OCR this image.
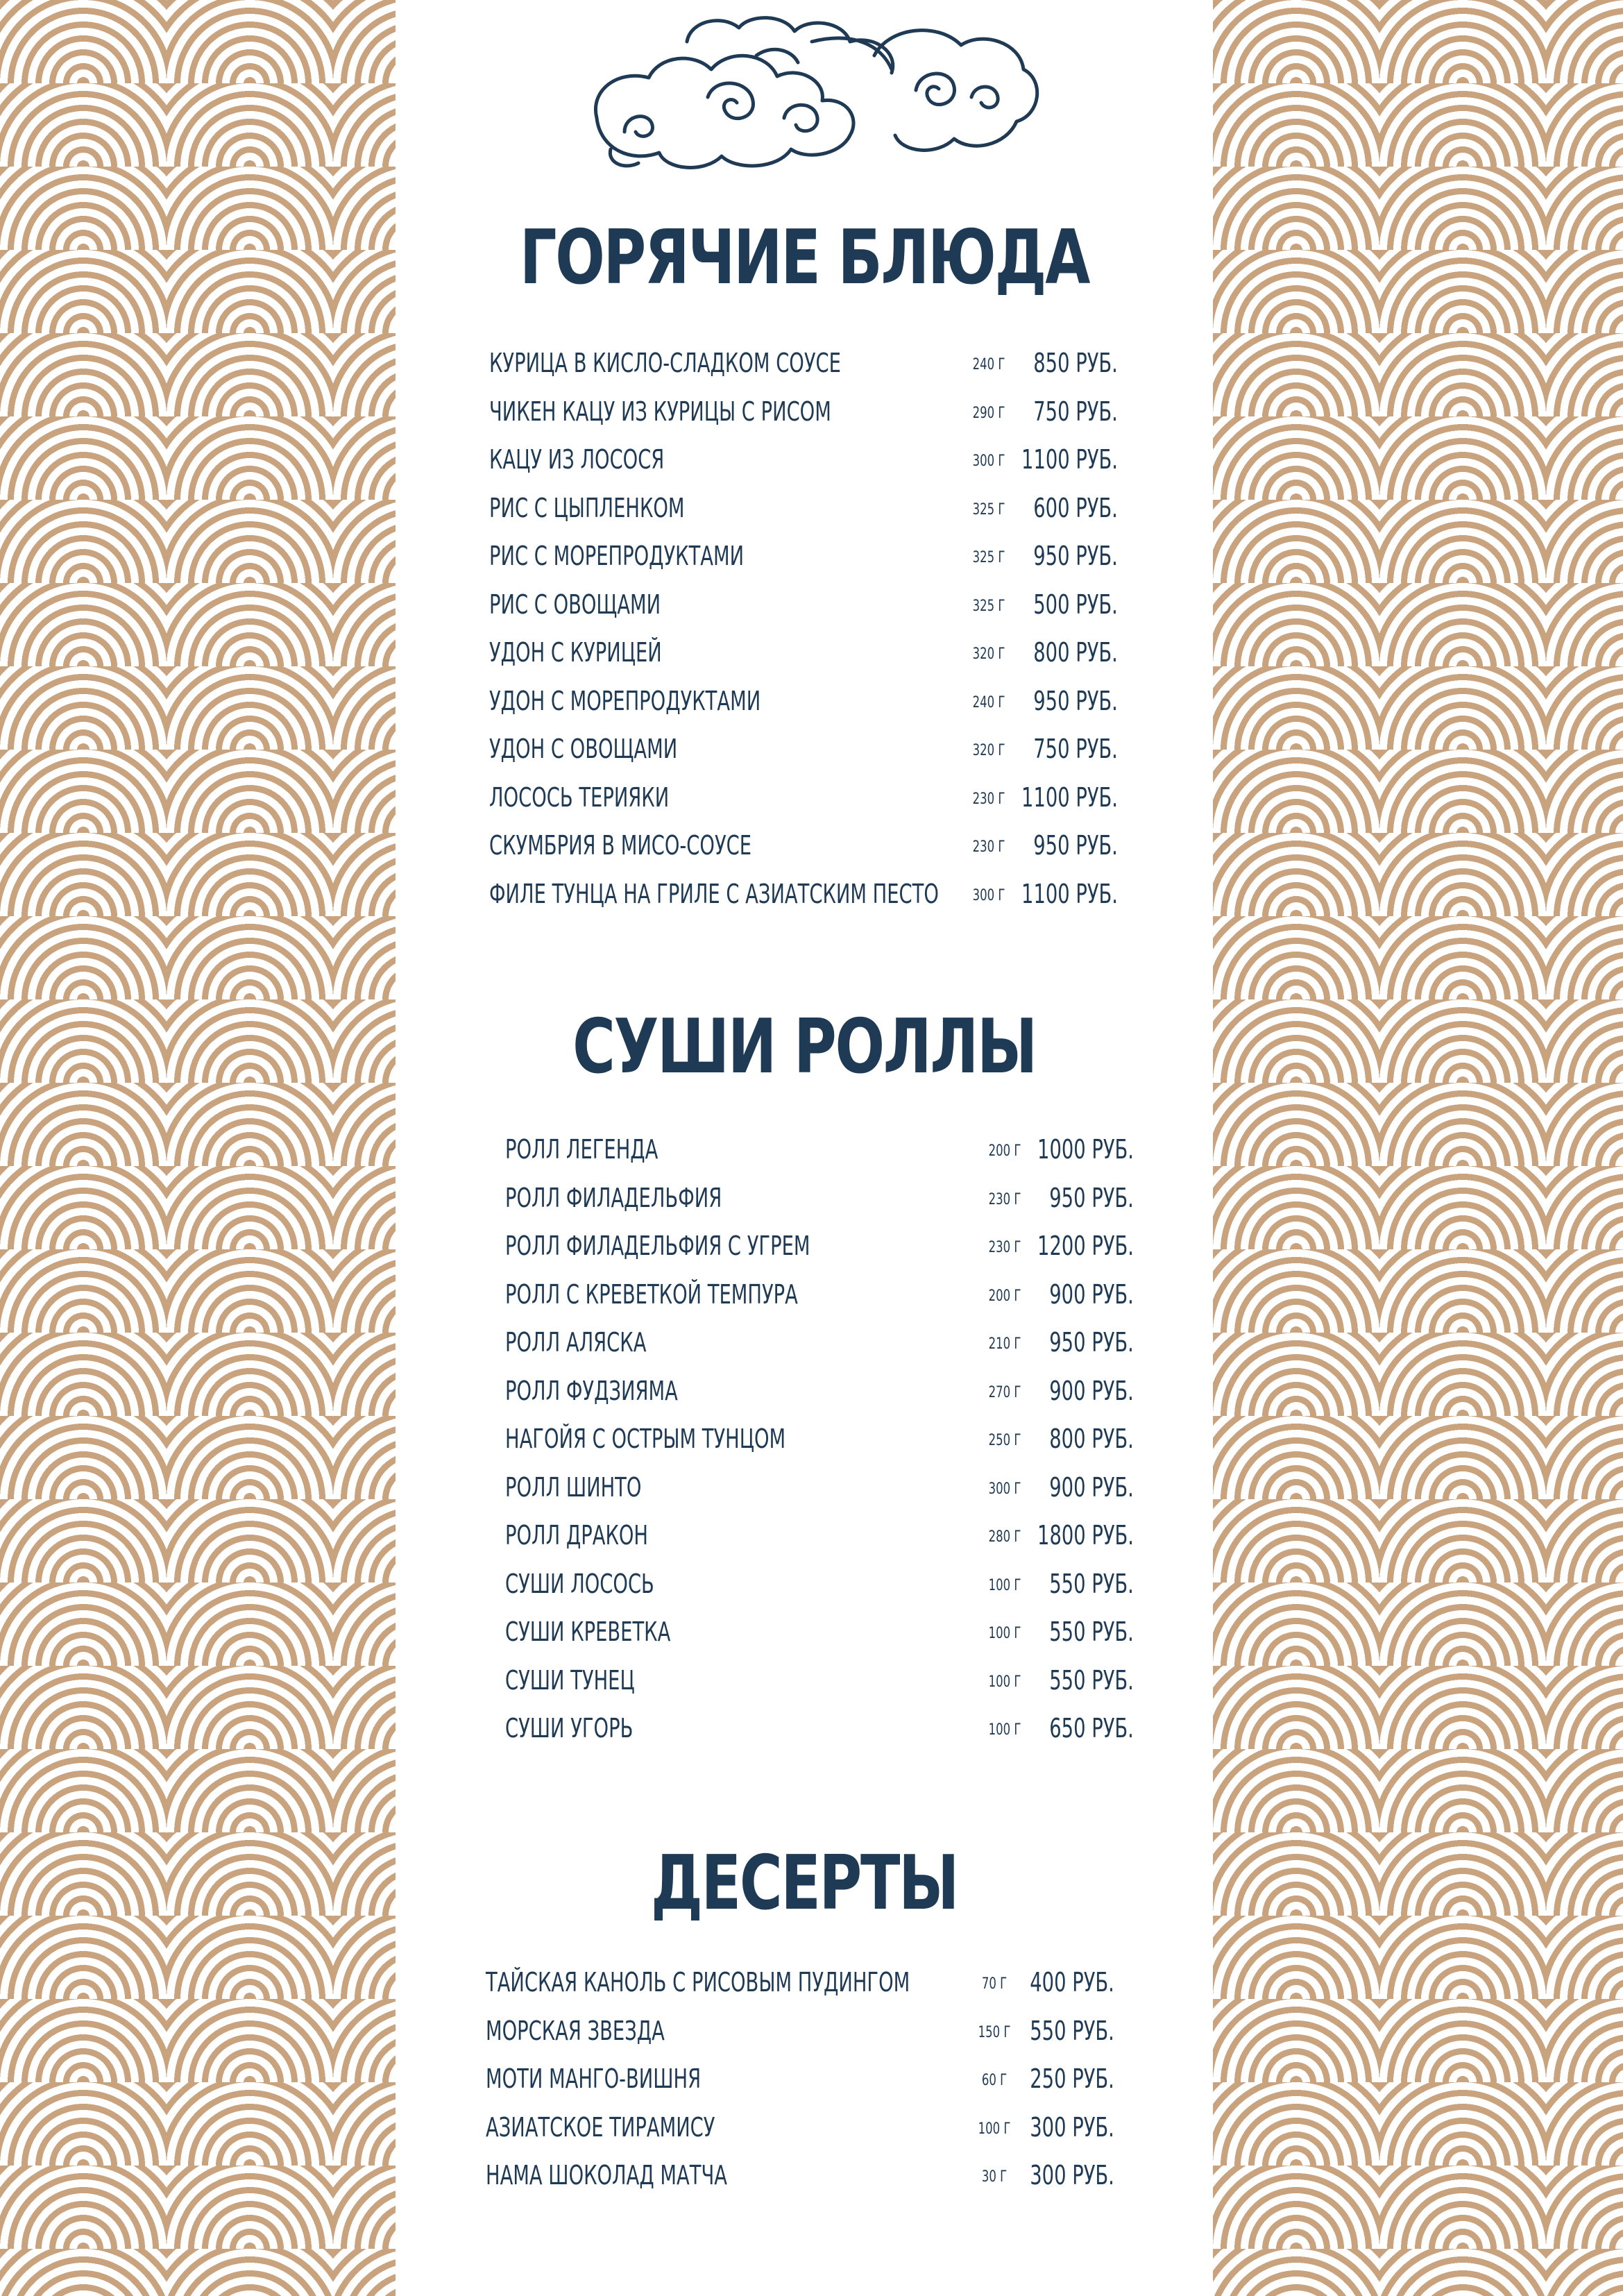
ГОРЯЧИЕ БЛЮДА
КУРИЦА В КИСЛО-СЛАДКОМ СОУСЕ	240 Г 850 РУБ.
ЧИКЕН КАЦУ ИЗ КУРИЦЫ С РИСОМ	290 Г 750 РУБ.
КАЦУ ИЗ ЛОСОСЯ	300 Г 1100 РУБ.
РИС С ЦЫПЛЕНКОМ	325 Г 600 РУБ.
РИС С МОРЕПРОДУКТАМИ	325 Г 950 РУБ.
РИС С ОВОЩАМИ	325 Г 500 РУБ.
УДОН С КУРИЦЕЙ	320 Г 800 РУБ.
УДОН С МОРЕПРОДУКТАМИ	240 Г 950 РУБ.
УДОН С ОВОЩАМИ	320 Г 750 РУБ.
ЛОСОСЬ ТЕРИЯКИ	230 Г 1100 РУБ.
СКУМБРИЯ В МИСО-СОУСЕ	230 Г 950 РУБ.
ФИЛЕ ТУНЦА НА ГРИЛЕ С АЗИАТСКИМ ПЕСТО 300 Г 1100 РУБ.
СУШИ РОЛЛЫ
РОЛЛ ЛЕГЕНДА	200 Г 1000 РУБ.
РОЛЛ ФИЛАДЕЛЬФИЯ	230 Г 950 РУБ.
РОЛЛ ФИЛАДЕЛЬФИЯ С УГРЕМ	230 Г 1200 РУБ.
РОЛЛ С КРЕВЕТКОЙ ТЕМПУРА	200 Г 900 РУБ.
РОЛЛ АЛЯСКА	210 Г 950 РУБ.
РОЛЛ ФУДЗИЯМА	270 Г 900 РУБ.
НАГОЙЯ С ОСТРЫМ ТУНЦОМ	250 Г 800 РУБ.
РОЛЛ ШИНТО	300 Г 900 РУБ.
РОЛЛ ДРАКОН	280 Г 1800 РУБ.
СУШИ ЛОСОСЬ	100 Г 550 РУБ.
СУШИ КРЕВЕТКА	100 Г 550 РУБ.
СУШИ ТУНЕЦ	100 Г 550 РУБ.
СУШИ УГОРЬ	100 Г 650 РУБ.
ДЕСЕРТЫ
ТАЙСКАЯ КАНОЛЬ С РИСОВЫМ ПУДИНГОМ	70 Г 400 РУБ.
МОРСКАЯ ЗВЕЗДА	150 Г 550 РУБ.
МОТИ МАНГО-ВИШНЯ	60 Г 250 РУБ.
АЗИАТСКОЕ ТИРАМИСУ	100 Г 300 РУБ.
НАМА ШОКОЛАД МАТЧА	30 Г 300 РУБ.
